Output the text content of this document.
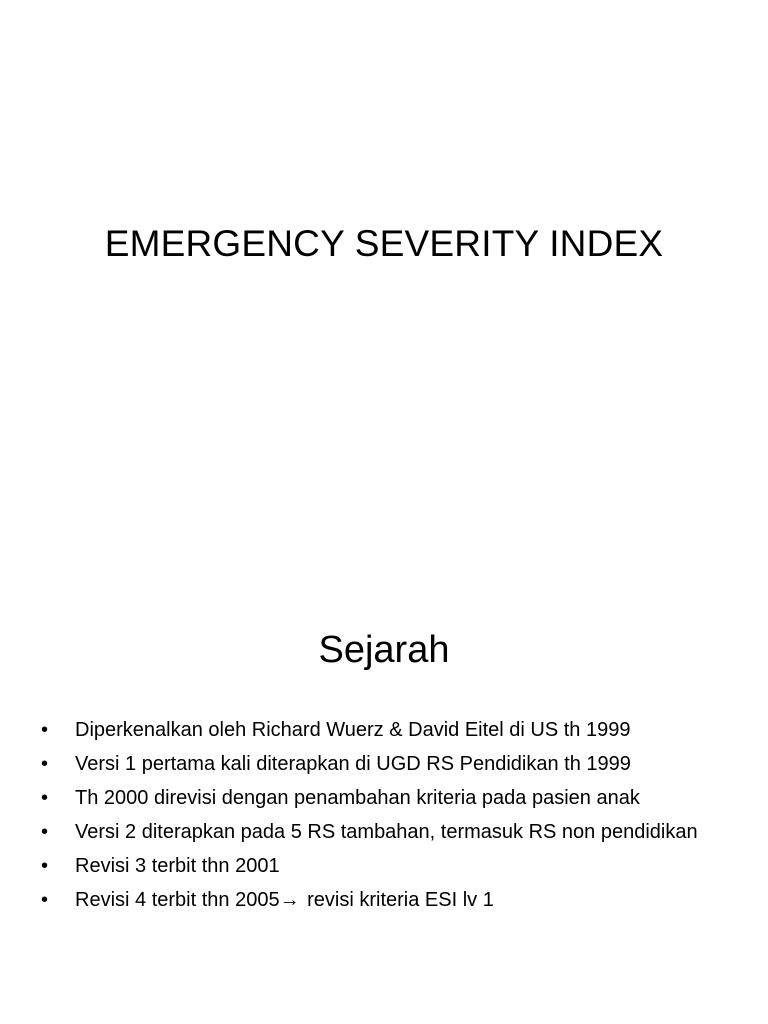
EMERGENCY SEVERITY INDEX
Sejarah
• Diperkenalkan oleh Richard Wuerz & David Eitel di US th 1999
• Versi 1 pertama kali diterapkan di UGD RS Pendidikan th 1999
• Th 2000 direvisi dengan penambahan kriteria pada pasien anak
• Versi 2 diterapkan pada 5 RS tambahan, termasuk RS non pendidikan
• Revisi 3 terbit thn 2001
• Revisi 4 terbit thn 2005→ revisi kriteria ESI lv 1
